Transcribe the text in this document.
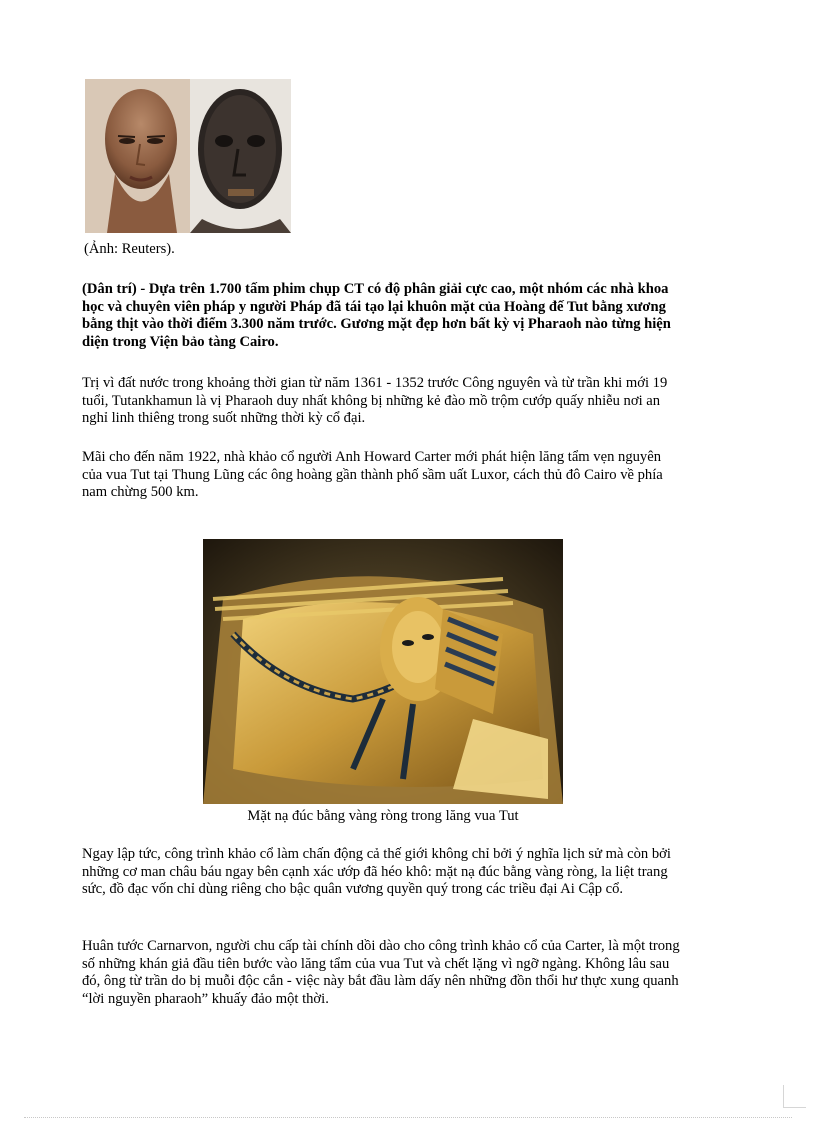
(Ảnh: Reuters).

(Dân trí) - Dựa trên 1.700 tấm phim chụp CT có độ phân giải cực cao, một nhóm các nhà khoa học và chuyên viên pháp y người Pháp đã tái tạo lại khuôn mặt của Hoàng đế Tut bằng xương bằng thịt vào thời điểm 3.300 năm trước. Gương mặt đẹp hơn bất kỳ vị Pharaoh nào từng hiện diện trong Viện bảo tàng Cairo.

Trị vì đất nước trong khoảng thời gian từ năm 1361 - 1352 trước Công nguyên và từ trần khi mới 19 tuổi, Tutankhamun là vị Pharaoh duy nhất không bị những kẻ đào mồ trộm cướp quấy nhiễu nơi an nghỉ linh thiêng trong suốt những thời kỳ cổ đại.

Mãi cho đến năm 1922, nhà khảo cổ người Anh Howard Carter mới phát hiện lăng tẩm vẹn nguyên của vua Tut tại Thung Lũng các ông hoàng gần thành phố sầm uất Luxor, cách thủ đô Cairo về phía nam chừng 500 km.

Mặt nạ đúc bằng vàng ròng trong lăng vua Tut

Ngay lập tức, công trình khảo cổ làm chấn động cả thế giới không chỉ bởi ý nghĩa lịch sử mà còn bởi những cơ man châu báu ngay bên cạnh xác ướp đã héo khô: mặt nạ đúc bằng vàng ròng, la liệt trang sức, đồ đạc vốn chỉ dùng riêng cho bậc quân vương quyền quý trong các triều đại Ai Cập cổ.

Huân tước Carnarvon, người chu cấp tài chính dồi dào cho công trình khảo cổ của Carter, là một trong số những khán giả đầu tiên bước vào lăng tẩm của vua Tut và chết lặng vì ngỡ ngàng. Không lâu sau đó, ông từ trần do bị muỗi độc cắn - việc này bắt đầu làm dấy nên những đồn thổi hư thực xung quanh “lời nguyền pharaoh” khuấy đảo một thời.
